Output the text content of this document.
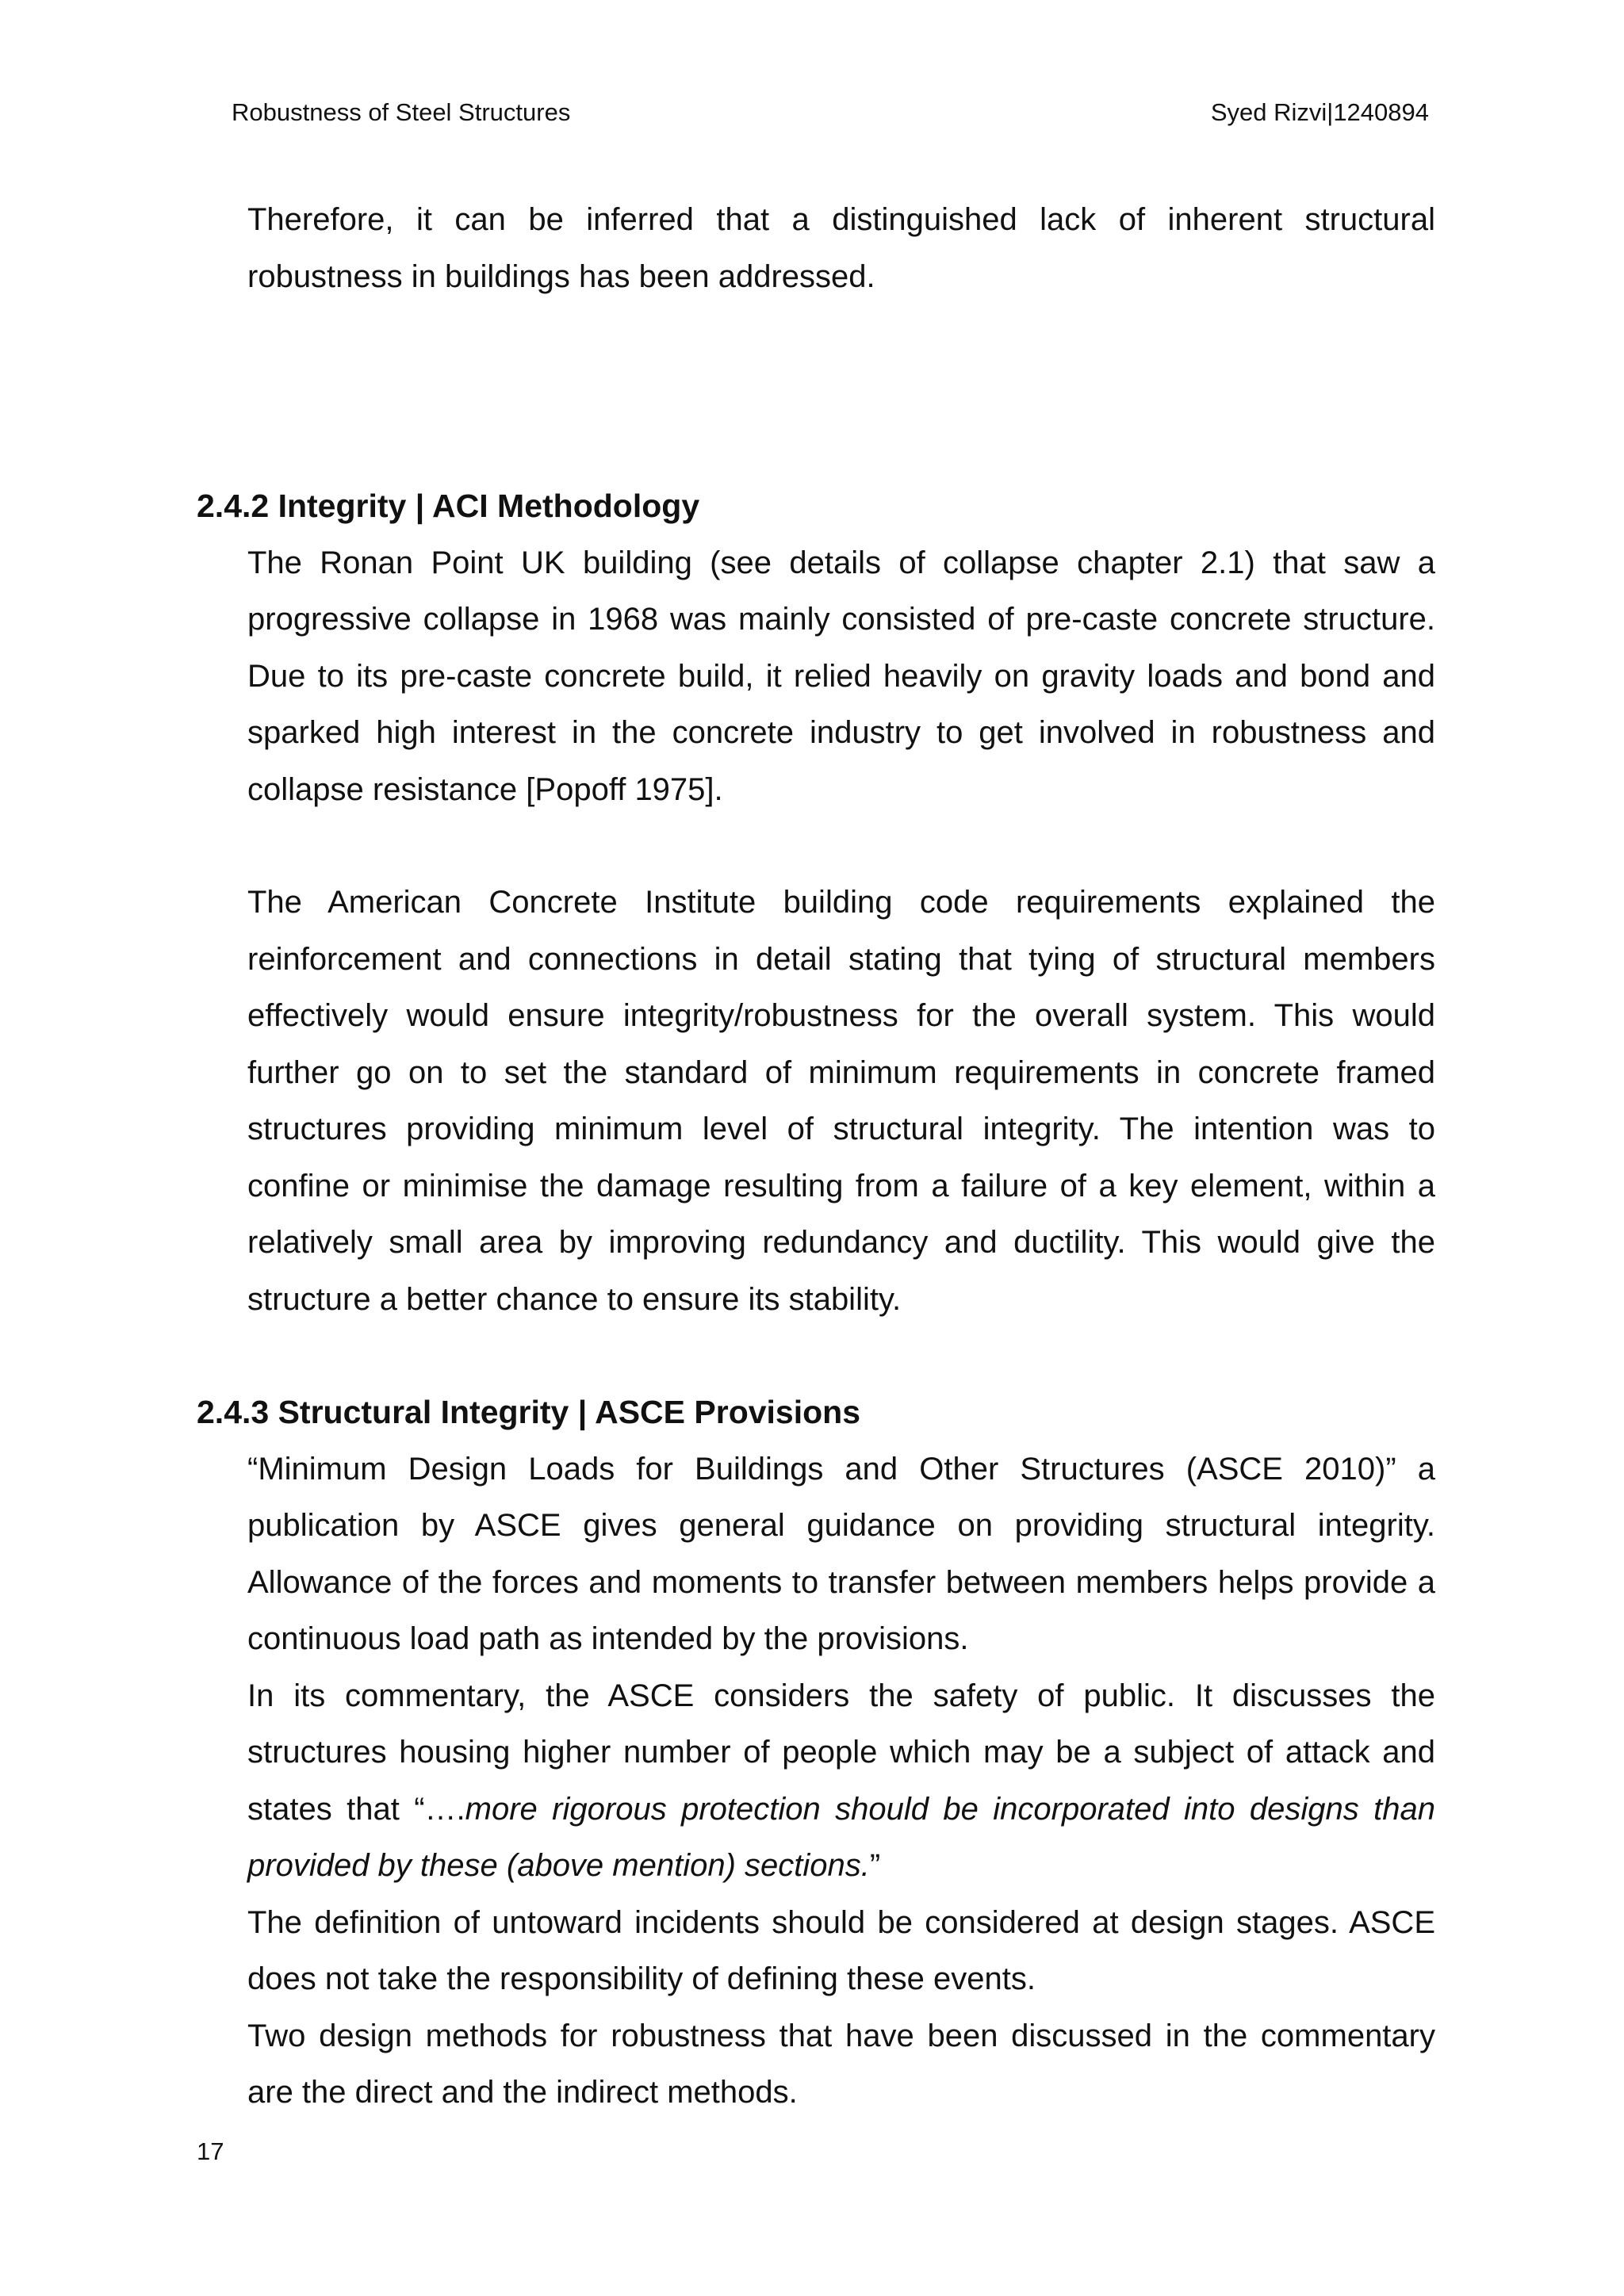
Robustness of Steel Structures	Syed Rizvi|1240894

Therefore, it can be inferred that a distinguished lack of inherent structural robustness in buildings has been addressed.

2.4.2 Integrity | ACI Methodology

The Ronan Point UK building (see details of collapse chapter 2.1) that saw a progressive collapse in 1968 was mainly consisted of pre-caste concrete structure. Due to its pre-caste concrete build, it relied heavily on gravity loads and bond and sparked high interest in the concrete industry to get involved in robustness and collapse resistance [Popoff 1975].

The American Concrete Institute building code requirements explained the reinforcement and connections in detail stating that tying of structural members effectively would ensure integrity/robustness for the overall system. This would further go on to set the standard of minimum requirements in concrete framed structures providing minimum level of structural integrity. The intention was to confine or minimise the damage resulting from a failure of a key element, within a relatively small area by improving redundancy and ductility. This would give the structure a better chance to ensure its stability.

2.4.3 Structural Integrity | ASCE Provisions

“Minimum Design Loads for Buildings and Other Structures (ASCE 2010)” a publication by ASCE gives general guidance on providing structural integrity. Allowance of the forces and moments to transfer between members helps provide a continuous load path as intended by the provisions.

In its commentary, the ASCE considers the safety of public. It discusses the structures housing higher number of people which may be a subject of attack and states that “….more rigorous protection should be incorporated into designs than provided by these (above mention) sections.”

The definition of untoward incidents should be considered at design stages. ASCE does not take the responsibility of defining these events.

Two design methods for robustness that have been discussed in the commentary are the direct and the indirect methods.

17
